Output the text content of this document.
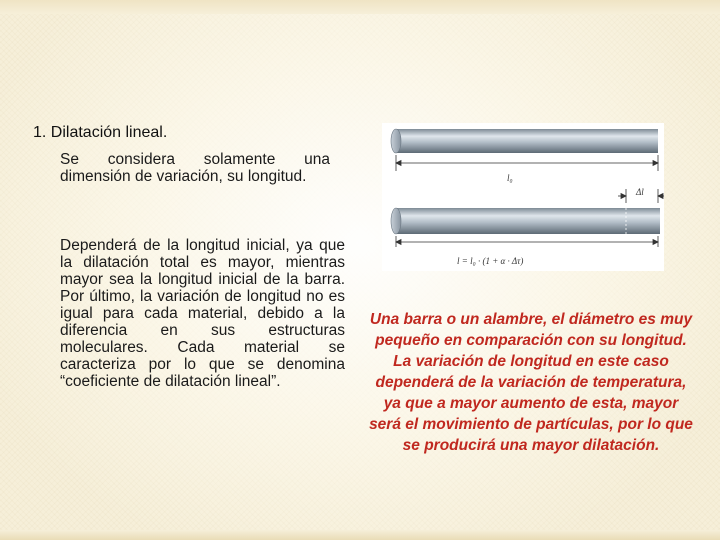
1. Dilatación lineal.

Se considera solamente una dimensión de variación, su longitud.

Dependerá de la longitud inicial, ya que la dilatación total es mayor, mientras mayor sea la longitud inicial de la barra. Por último, la variación de longitud no es igual para cada material, debido a la diferencia en sus estructuras moleculares. Cada material se caracteriza por lo que se denomina “coeficiente de dilatación lineal”.

l₀
Δl
l = l₀ · (1 + α · Δτ)

Una barra o un alambre, el diámetro es muy pequeño en comparación con su longitud. La variación de longitud en este caso dependerá de la variación de temperatura, ya que a mayor aumento de esta, mayor será el movimiento de partículas, por lo que se producirá una mayor dilatación.
